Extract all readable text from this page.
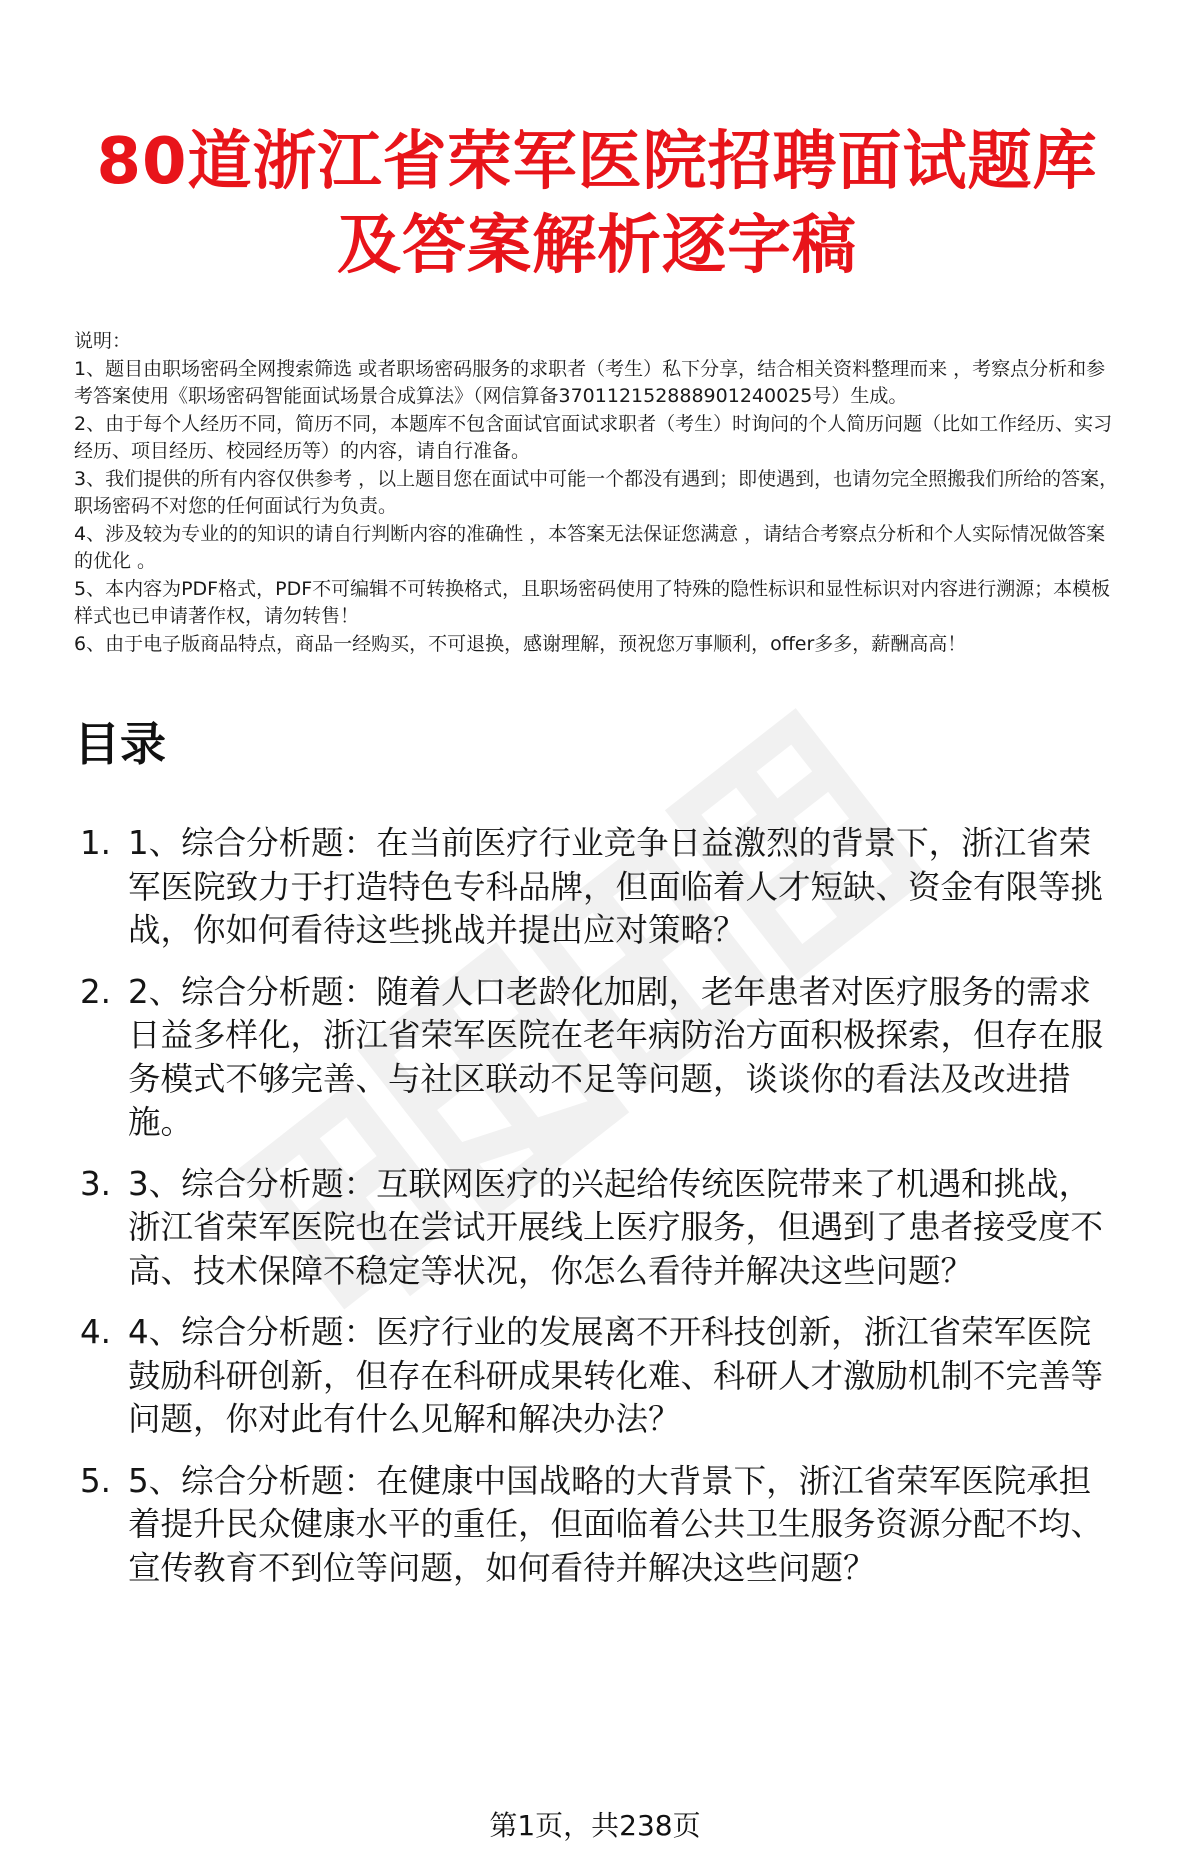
80道浙江省荣军医院招聘面试题库及答案解析逐字稿

说明：

1、题目由职场密码全网搜索筛选 或者职场密码服务的求职者（考生）私下分享，结合相关资料整理而来 ，考察点分析和参考答案使用《职场密码智能面试场景合成算法》（网信算备370112152888901240025号）生成。

2、由于每个人经历不同，简历不同，本题库不包含面试官面试求职者（考生）时询问的个人简历问题（比如工作经历、实习经历、项目经历、校园经历等）的内容，请自行准备。

3、我们提供的所有内容仅供参考 ，以上题目您在面试中可能一个都没有遇到；即使遇到，也请勿完全照搬我们所给的答案，职场密码不对您的任何面试行为负责。

4、涉及较为专业的的知识的请自行判断内容的准确性 ，本答案无法保证您满意 ，请结合考察点分析和个人实际情况做答案的优化 。

5、本内容为PDF格式，PDF不可编辑不可转换格式，且职场密码使用了特殊的隐性标识和显性标识对内容进行溯源；本模板样式也已申请著作权，请勿转售！

6、由于电子版商品特点，商品一经购买，不可退换，感谢理解，预祝您万事顺利，offer多多，薪酬高高！

目录
1. 1、综合分析题：在当前医疗行业竞争日益激烈的背景下，浙江省荣军医院致力于打造特色专科品牌，但面临着人才短缺、资金有限等挑战，你如何看待这些挑战并提出应对策略？
2. 2、综合分析题：随着人口老龄化加剧，老年患者对医疗服务的需求日益多样化，浙江省荣军医院在老年病防治方面积极探索，但存在服务模式不够完善、与社区联动不足等问题，谈谈你的看法及改进措施。
3. 3、综合分析题：互联网医疗的兴起给传统医院带来了机遇和挑战，浙江省荣军医院也在尝试开展线上医疗服务，但遇到了患者接受度不高、技术保障不稳定等状况，你怎么看待并解决这些问题？
4. 4、综合分析题：医疗行业的发展离不开科技创新，浙江省荣军医院鼓励科研创新，但存在科研成果转化难、科研人才激励机制不完善等问题，你对此有什么见解和解决办法？
5. 5、综合分析题：在健康中国战略的大背景下，浙江省荣军医院承担着提升民众健康水平的重任，但面临着公共卫生服务资源分配不均、宣传教育不到位等问题，如何看待并解决这些问题？
第1页，共238页
